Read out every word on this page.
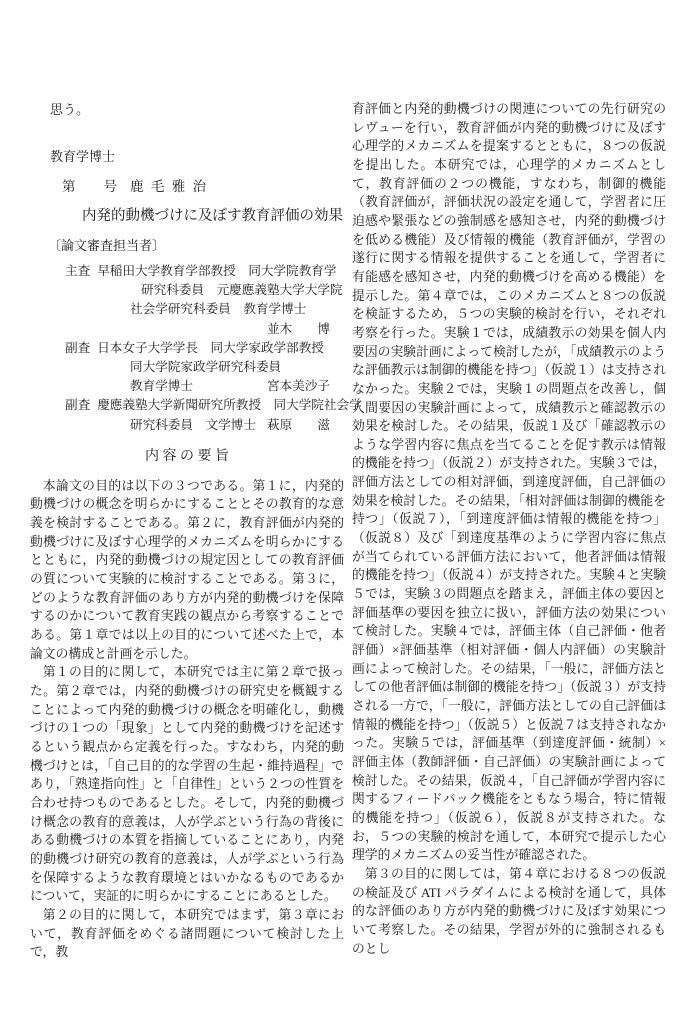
思う。

教育学博士

第 号 鹿 毛 雅 治

内発的動機づけに及ぼす教育評価の効果

〔論文審査担当者〕

主査 早稲田大学教育学部教授　同大学院教育学
研究科委員　元慶應義塾大学大学院
社会学研究科委員　教育学博士
並木　　博
副査 日本女子大学学長　同大学家政学部教授
同大学院家政学研究科委員
教育学博士	宮本美沙子
副査 慶應義塾大学新聞研究所教授　同大学院社会学
研究科委員　文学博士 萩原　　滋
内 容 の 要 旨

本論文の目的は以下の３つである。第１に，内発的動機づけの概念を明らかにすることとその教育的な意義を検討することである。第２に，教育評価が内発的動機づけに及ぼす心理学的メカニズムを明らかにするとともに，内発的動機づけの規定因としての教育評価の質について実験的に検討することである。第３に，どのような教育評価のあり方が内発的動機づけを保障するのかについて教育実践の観点から考察することである。第１章では以上の目的について述べた上で，本論文の構成と計画を示した。

第１の目的に関して，本研究では主に第２章で扱った。第２章では，内発的動機づけの研究史を概観することによって内発的動機づけの概念を明確化し，動機づけの１つの「現象」として内発的動機づけを記述するという観点から定義を行った。すなわち，内発的動機づけとは，「自己目的的な学習の生起・維持過程」であり，「熟達指向性」と「自律性」という２つの性質を合わせ持つものであるとした。そして，内発的動機づけ概念の教育的意義は，人が学ぶという行為の背後にある動機づけの本質を指摘していることにあり，内発的動機づけ研究の教育的意義は，人が学ぶという行為を保障するような教育環境とはいかなるものであるかについて，実証的に明らかにすることにあるとした。

第２の目的に関して，本研究ではまず，第３章において，教育評価をめぐる諸問題について検討した上で，教

育評価と内発的動機づけの関連についての先行研究のレヴューを行い，教育評価が内発的動機づけに及ぼす心理学的メカニズムを提案するとともに，８つの仮説を提出した。本研究では，心理学的メカニズムとして，教育評価の２つの機能，すなわち，制御的機能（教育評価が，評価状況の設定を通して，学習者に圧迫感や緊張などの強制感を感知させ，内発的動機づけを低める機能）及び情報的機能（教育評価が，学習の遂行に関する情報を提供することを通して，学習者に有能感を感知させ，内発的動機づけを高める機能）を提示した。第４章では，このメカニズムと８つの仮説を検証するため，５つの実験的検討を行い，それぞれ考察を行った。実験１では，成績教示の効果を個人内要因の実験計画によって検討したが，「成績教示のような評価教示は制御的機能を持つ」（仮説１）は支持されなかった。実験２では，実験１の問題点を改善し，個人間要因の実験計画によって，成績教示と確認教示の効果を検討した。その結果，仮説１及び「確認教示のような学習内容に焦点を当てることを促す教示は情報的機能を持つ」（仮説２）が支持された。実験３では，評価方法としての相対評価，到達度評価，自己評価の効果を検討した。その結果，「相対評価は制御的機能を持つ」（仮説７），「到達度評価は情報的機能を持つ」（仮説８）及び「到達度基準のように学習内容に焦点が当てられている評価方法において，他者評価は情報的機能を持つ」（仮説４）が支持された。実験４と実験５では，実験３の問題点を踏まえ，評価主体の要因と評価基準の要因を独立に扱い，評価方法の効果について検討した。実験４では，評価主体（自己評価・他者評価）×評価基準（相対評価・個人内評価）の実験計画によって検討した。その結果，「一般に，評価方法としての他者評価は制御的機能を持つ」（仮説３）が支持される一方で，「一般に，評価方法としての自己評価は情報的機能を持つ」（仮説５）と仮説７は支持されなかった。実験５では，評価基準（到達度評価・統制）×評価主体（教師評価・自己評価）の実験計画によって検討した。その結果，仮説４，「自己評価が学習内容に関するフィードバック機能をともなう場合，特に情報的機能を持つ」（仮説６），仮説８が支持された。なお，５つの実験的検討を通して，本研究で提示した心理学的メカニズムの妥当性が確認された。

第３の目的に関しては，第４章における８つの仮説の検証及び ATI パラダイムによる検討を通して，具体的な評価のあり方が内発的動機づけに及ぼす効果について考察した。その結果，学習が外的に強制されるものとし
